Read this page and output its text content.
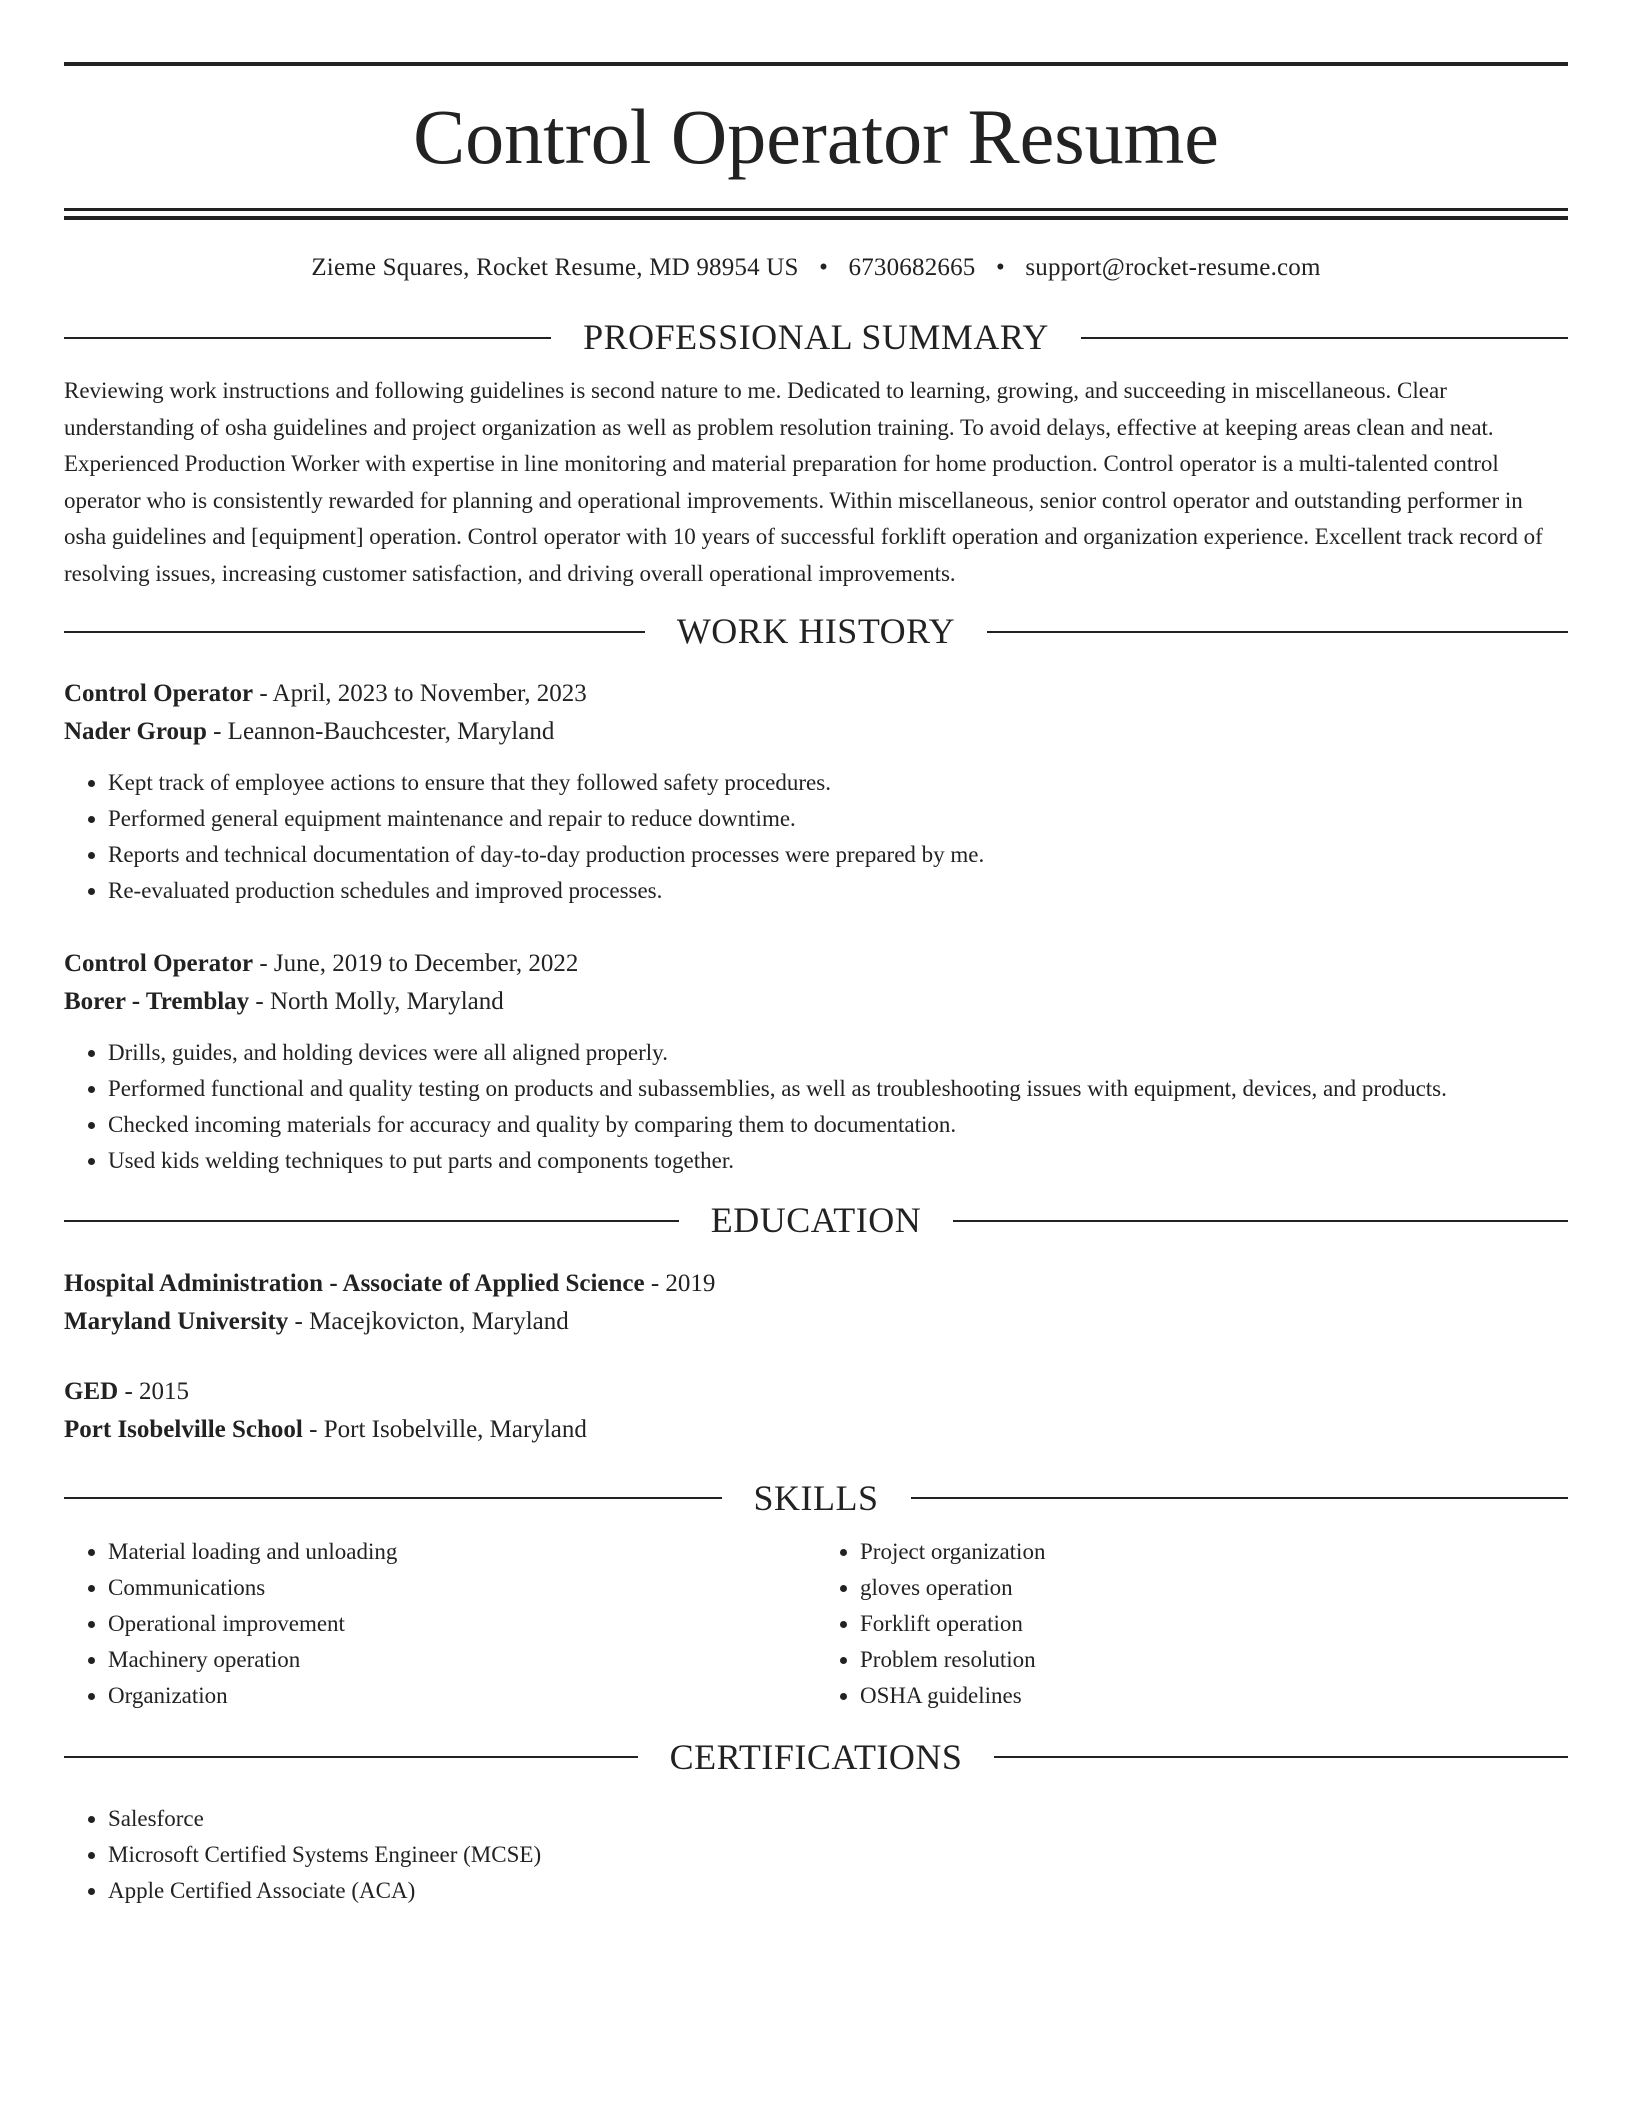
Control Operator Resume
Zieme Squares, Rocket Resume, MD 98954 US • 6730682665 • support@rocket-resume.com
PROFESSIONAL SUMMARY

Reviewing work instructions and following guidelines is second nature to me. Dedicated to learning, growing, and succeeding in miscellaneous. Clear understanding of osha guidelines and project organization as well as problem resolution training. To avoid delays, effective at keeping areas clean and neat. Experienced Production Worker with expertise in line monitoring and material preparation for home production. Control operator is a multi-talented control operator who is consistently rewarded for planning and operational improvements. Within miscellaneous, senior control operator and outstanding performer in osha guidelines and [equipment] operation. Control operator with 10 years of successful forklift operation and organization experience. Excellent track record of resolving issues, increasing customer satisfaction, and driving overall operational improvements.

WORK HISTORY
Control Operator - April, 2023 to November, 2023
Nader Group - Leannon-Bauchcester, Maryland
• Kept track of employee actions to ensure that they followed safety procedures.
• Performed general equipment maintenance and repair to reduce downtime.
• Reports and technical documentation of day-to-day production processes were prepared by me.
• Re-evaluated production schedules and improved processes.
Control Operator - June, 2019 to December, 2022
Borer - Tremblay - North Molly, Maryland
• Drills, guides, and holding devices were all aligned properly.
• Performed functional and quality testing on products and subassemblies, as well as troubleshooting issues with equipment, devices, and products.
• Checked incoming materials for accuracy and quality by comparing them to documentation.
• Used kids welding techniques to put parts and components together.
EDUCATION
Hospital Administration - Associate of Applied Science - 2019
Maryland University - Macejkovicton, Maryland
GED - 2015
Port Isobelville School - Port Isobelville, Maryland
SKILLS
• Material loading and unloading
• Communications
• Operational improvement
• Machinery operation
• Organization
• Project organization
• gloves operation
• Forklift operation
• Problem resolution
• OSHA guidelines
CERTIFICATIONS
• Salesforce
• Microsoft Certified Systems Engineer (MCSE)
• Apple Certified Associate (ACA)
